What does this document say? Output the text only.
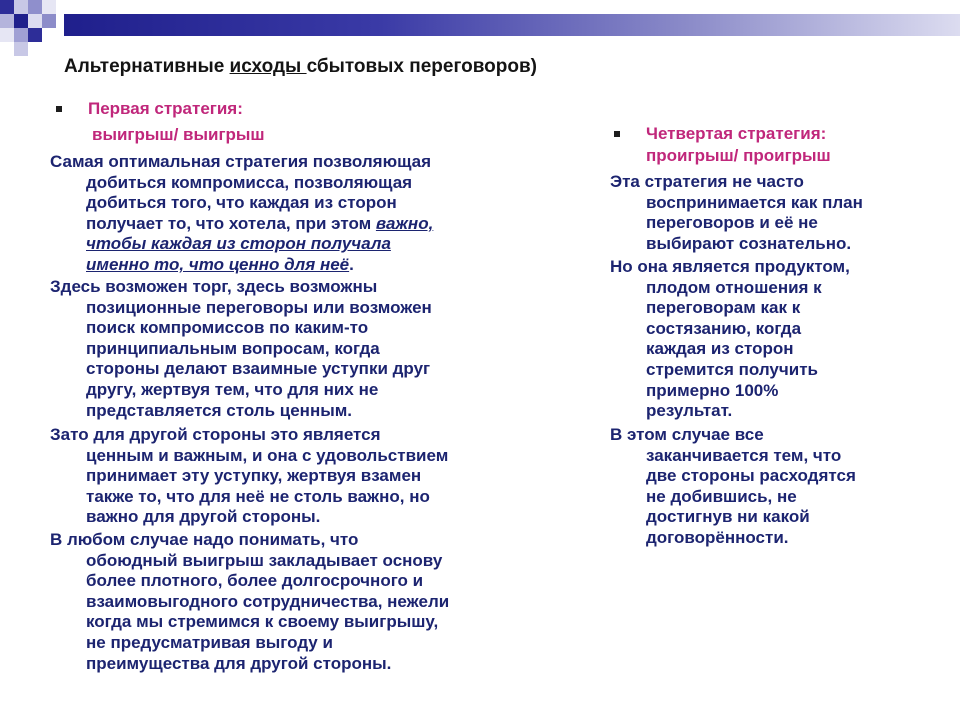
Альтернативные исходы сбытовых переговоров)
Первая стратегия:
выигрыш/ выигрыш
Самая оптимальная стратегия позволяющая
добиться компромисса, позволяющая
добиться того, что каждая из сторон
получает то, что хотела, при этом важно,
чтобы каждая из сторон получала
именно то, что ценно для неё.
Здесь возможен торг, здесь возможны
позиционные переговоры или возможен
поиск компромиссов по каким-то
принципиальным вопросам, когда
стороны делают взаимные уступки друг
другу, жертвуя тем, что для них не
представляется столь ценным.
Зато для другой стороны это является
ценным и важным, и она с удовольствием
принимает эту уступку, жертвуя взамен
также то, что для неё не столь важно, но
важно для другой стороны.
В любом случае надо понимать, что
обоюдный выигрыш закладывает основу
более плотного, более долгосрочного и
взаимовыгодного сотрудничества, нежели
когда мы стремимся к своему выигрышу,
не предусматривая выгоду и
преимущества для другой стороны.
Четвертая стратегия:
проигрыш/ проигрыш
Эта стратегия не часто
воспринимается как план
переговоров и её не
выбирают сознательно.
Но она является продуктом,
плодом отношения к
переговорам как к
состязанию, когда
каждая из сторон
стремится получить
примерно 100%
результат.
В этом случае все
заканчивается тем, что
две стороны расходятся
не добившись, не
достигнув ни какой
договорённости.
